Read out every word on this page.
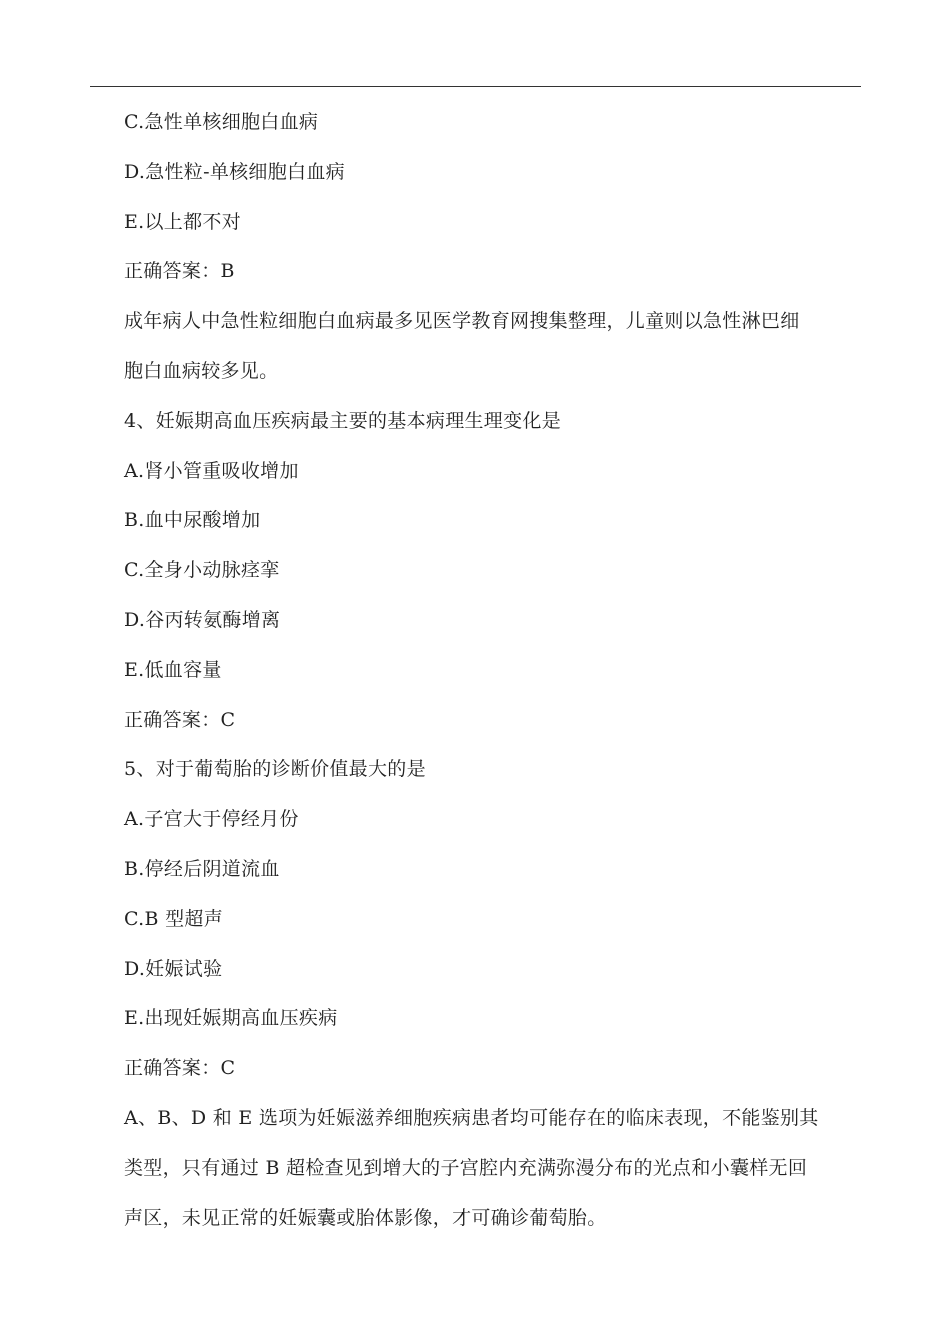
C.急性单核细胞白血病
D.急性粒-单核细胞白血病
E.以上都不对
正确答案：B
成年病人中急性粒细胞白血病最多见医学教育网搜集整理，儿童则以急性淋巴细
胞白血病较多见。
4、妊娠期高血压疾病最主要的基本病理生理变化是
A.肾小管重吸收增加
B.血中尿酸增加
C.全身小动脉痉挛
D.谷丙转氨酶增离
E.低血容量
正确答案：C
5、对于葡萄胎的诊断价值最大的是
A.子宫大于停经月份
B.停经后阴道流血
C.B 型超声
D.妊娠试验
E.出现妊娠期高血压疾病
正确答案：C
A、B、D 和 E 选项为妊娠滋养细胞疾病患者均可能存在的临床表现，不能鉴别其
类型，只有通过 B 超检查见到增大的子宫腔内充满弥漫分布的光点和小囊样无回
声区，未见正常的妊娠囊或胎体影像，才可确诊葡萄胎。
